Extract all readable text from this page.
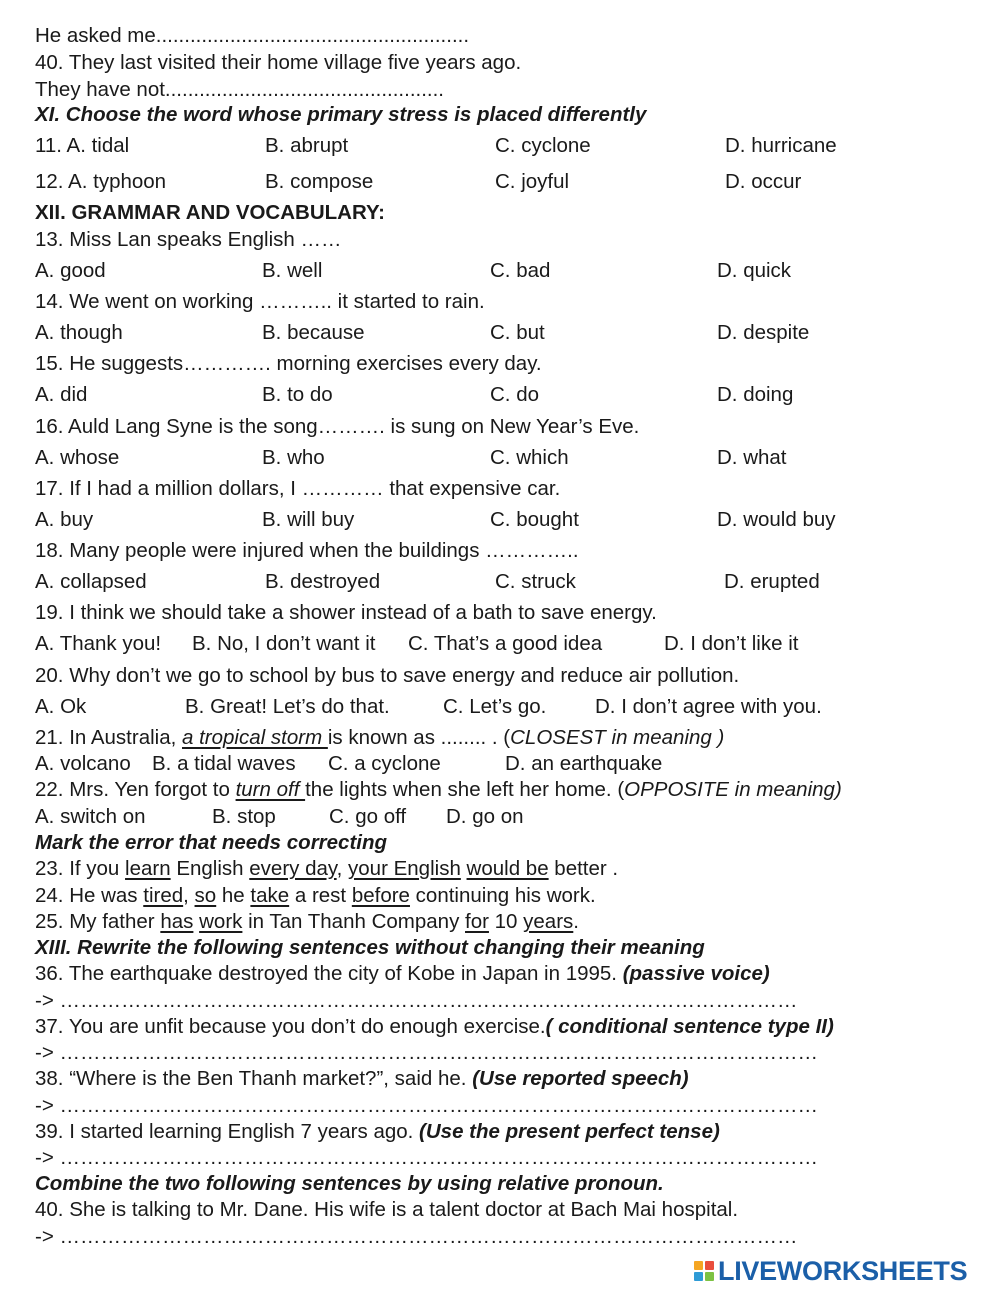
He asked me.......................................................
40. They last visited their home village five years ago.
They have not.................................................
XI. Choose the word whose primary stress is placed differently
11. A. tidal	B. abrupt	C. cyclone	D. hurricane
12. A. typhoon	B. compose	C. joyful	D. occur
XII. GRAMMAR AND VOCABULARY:
13. Miss Lan speaks English ……
A. good	B. well	C. bad	D. quick
14. We went on working ……….. it started to rain.
A. though	B. because	C. but	D. despite
15. He suggests…………. morning exercises every day.
A. did	B. to do	C. do	D. doing
16. Auld Lang Syne is the song………. is sung on New Year’s Eve.
A. whose	B. who	C. which	D. what
17. If I had a million dollars, I ………… that expensive car.
A. buy	B. will buy	C. bought	D. would buy
18. Many people were injured when the buildings …………..
A. collapsed	B. destroyed	C. struck	D. erupted
19. I think we should take a shower instead of a bath to save energy.
A. Thank you! B. No, I don’t want it C. That’s a good idea	D. I don’t like it
20. Why don’t we go to school by bus to save energy and reduce air pollution.
A. Ok	B. Great! Let’s do that.	C. Let’s go. D. I don’t agree with you.
21. In Australia, a tropical storm is known as ........ . (CLOSEST in meaning )
A. volcano B. a tidal waves C. a cyclone	D. an earthquake
22. Mrs. Yen forgot to turn off the lights when she left her home. (OPPOSITE in meaning)
A. switch on	B. stop	C. go off D. go on
Mark the error that needs correcting
23. If you learn English every day, your English would be better .
24. He was tired, so he take a rest before continuing his work.
25. My father has work in Tan Thanh Company for 10 years.
XIII. Rewrite the following sentences without changing their meaning
36. The earthquake destroyed the city of Kobe in Japan in 1995. (passive voice)
-> ………………………………………………………………………………………………
37. You are unfit because you don’t do enough exercise.( conditional sentence type II)
-> …………………………………………………………………………………………………
38. “Where is the Ben Thanh market?”, said he. (Use reported speech)
-> …………………………………………………………………………………………………
39. I started learning English 7 years ago. (Use the present perfect tense)
-> …………………………………………………………………………………………………
Combine the two following sentences by using relative pronoun.
40. She is talking to Mr. Dane. His wife is a talent doctor at Bach Mai hospital.
-> ………………………………………………………………………………………………
LIVEWORKSHEETS
